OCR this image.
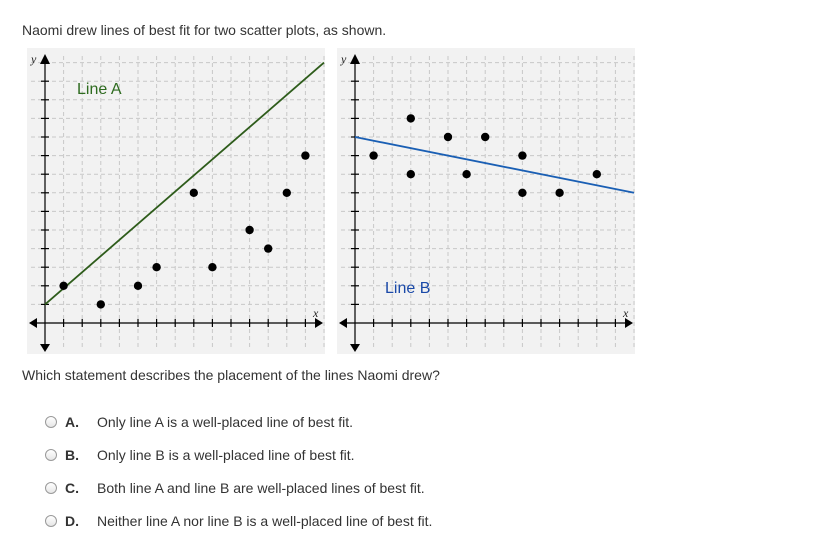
Naomi drew lines of best fit for two scatter plots, as shown.
x
y
Line A
x
y
Line B
Which statement describes the placement of the lines Naomi drew?
A.	Only line A is a well-placed line of best fit.
B.	Only line B is a well-placed line of best fit.
C.	Both line A and line B are well-placed lines of best fit.
D.	Neither line A nor line B is a well-placed line of best fit.
